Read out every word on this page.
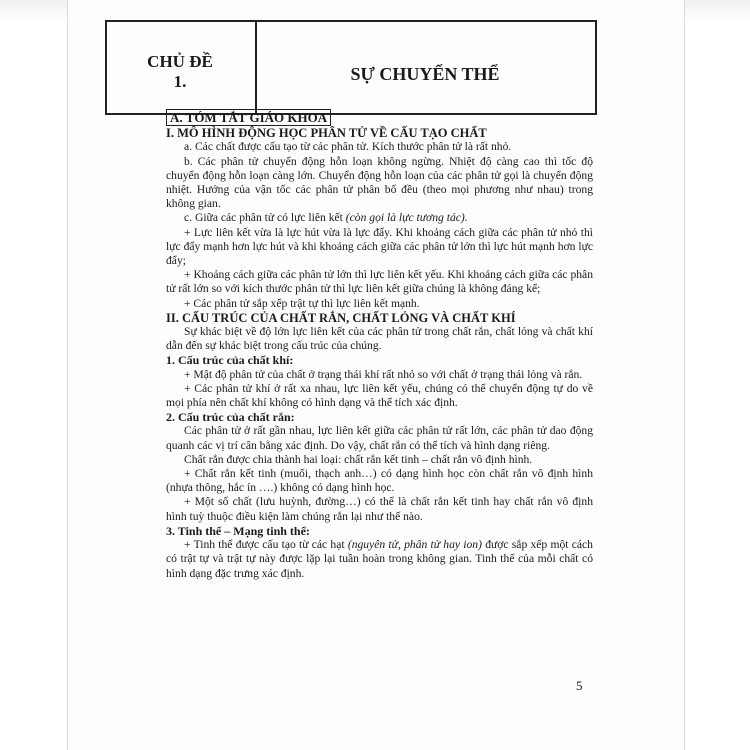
CHỦ ĐỀ
1.	SỰ CHUYỂN THỂ
A. TÓM TẮT GIÁO KHOA

I. MÔ HÌNH ĐỘNG HỌC PHÂN TỬ VỀ CẤU TẠO CHẤT

a. Các chất được cấu tạo từ các phân tử. Kích thước phân tử là rất nhỏ.

b. Các phân tử chuyển động hỗn loạn không ngừng. Nhiệt độ càng cao thì tốc độ chuyển động hỗn loạn càng lớn. Chuyển động hỗn loạn của các phân tử gọi là chuyển động nhiệt. Hướng của vận tốc các phân tử phân bố đều (theo mọi phương như nhau) trong không gian.

c. Giữa các phân tử có lực liên kết (còn gọi là lực tương tác).

+ Lực liên kết vừa là lực hút vừa là lực đẩy. Khi khoảng cách giữa các phân tử nhỏ thì lực đẩy mạnh hơn lực hút và khi khoảng cách giữa các phân tử lớn thì lực hút mạnh hơn lực đẩy;

+ Khoảng cách giữa các phân tử lớn thì lực liên kết yếu. Khi khoảng cách giữa các phân tử rất lớn so với kích thước phân tử thì lực liên kết giữa chúng là không đáng kể;

+ Các phân tử sắp xếp trật tự thì lực liên kết mạnh.

II. CẤU TRÚC CỦA CHẤT RẮN, CHẤT LỎNG VÀ CHẤT KHÍ

Sự khác biệt về độ lớn lực liên kết của các phân tử trong chất rắn, chất lỏng và chất khí dẫn đến sự khác biệt trong cấu trúc của chúng.

1. Cấu trúc của chất khí:

+ Mật độ phân tử của chất ở trạng thái khí rất nhỏ so với chất ở trạng thái lỏng và rắn.

+ Các phân tử khí ở rất xa nhau, lực liên kết yếu, chúng có thể chuyển động tự do về mọi phía nên chất khí không có hình dạng và thể tích xác định.

2. Cấu trúc của chất rắn:

Các phân tử ở rất gần nhau, lực liên kết giữa các phân tử rất lớn, các phân tử dao động quanh các vị trí cân bằng xác định. Do vậy, chất rắn có thể tích và hình dạng riêng.

Chất rắn được chia thành hai loại: chất rắn kết tinh – chất rắn vô định hình.

+ Chất rắn kết tinh (muối, thạch anh…) có dạng hình học còn chất rắn vô định hình (nhựa thông, hắc ín ….) không có dạng hình học.

+ Một số chất (lưu huỳnh, đường…) có thể là chất rắn kết tinh hay chất rắn vô định hình tuỳ thuộc điều kiện làm chúng rắn lại như thế nào.

3. Tinh thể – Mạng tinh thể:

+ Tinh thể được cấu tạo từ các hạt (nguyên tử, phân tử hay ion) được sắp xếp một cách có trật tự và trật tự này được lặp lại tuần hoàn trong không gian. Tinh thể của mỗi chất có hình dạng đặc trưng xác định.

5
